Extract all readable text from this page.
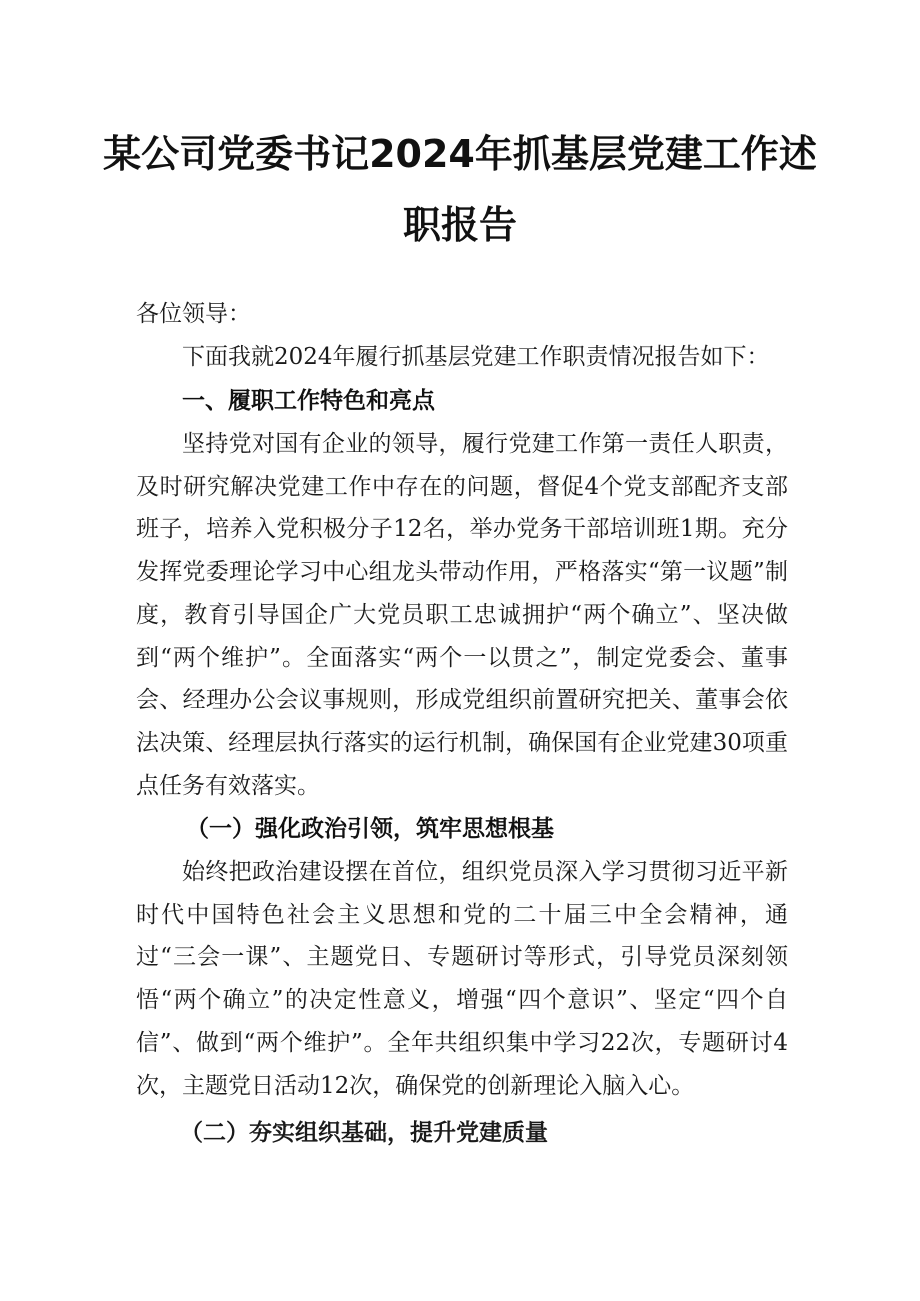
某公司党委书记2024年抓基层党建工作述
职报告

各位领导：

下面我就2024年履行抓基层党建工作职责情况报告如下：

一、履职工作特色和亮点

坚持党对国有企业的领导，履行党建工作第一责任人职责，及时研究解决党建工作中存在的问题，督促4个党支部配齐支部班子，培养入党积极分子12名，举办党务干部培训班1期。充分发挥党委理论学习中心组龙头带动作用，严格落实“第一议题”制度，教育引导国企广大党员职工忠诚拥护“两个确立”、坚决做到“两个维护”。全面落实“两个一以贯之”，制定党委会、董事会、经理办公会议事规则，形成党组织前置研究把关、董事会依法决策、经理层执行落实的运行机制，确保国有企业党建30项重点任务有效落实。

（一）强化政治引领，筑牢思想根基

始终把政治建设摆在首位，组织党员深入学习贯彻习近平新时代中国特色社会主义思想和党的二十届三中全会精神，通过“三会一课”、主题党日、专题研讨等形式，引导党员深刻领悟“两个确立”的决定性意义，增强“四个意识”、坚定“四个自信”、做到“两个维护”。全年共组织集中学习22次，专题研讨4次，主题党日活动12次，确保党的创新理论入脑入心。

（二）夯实组织基础，提升党建质量
